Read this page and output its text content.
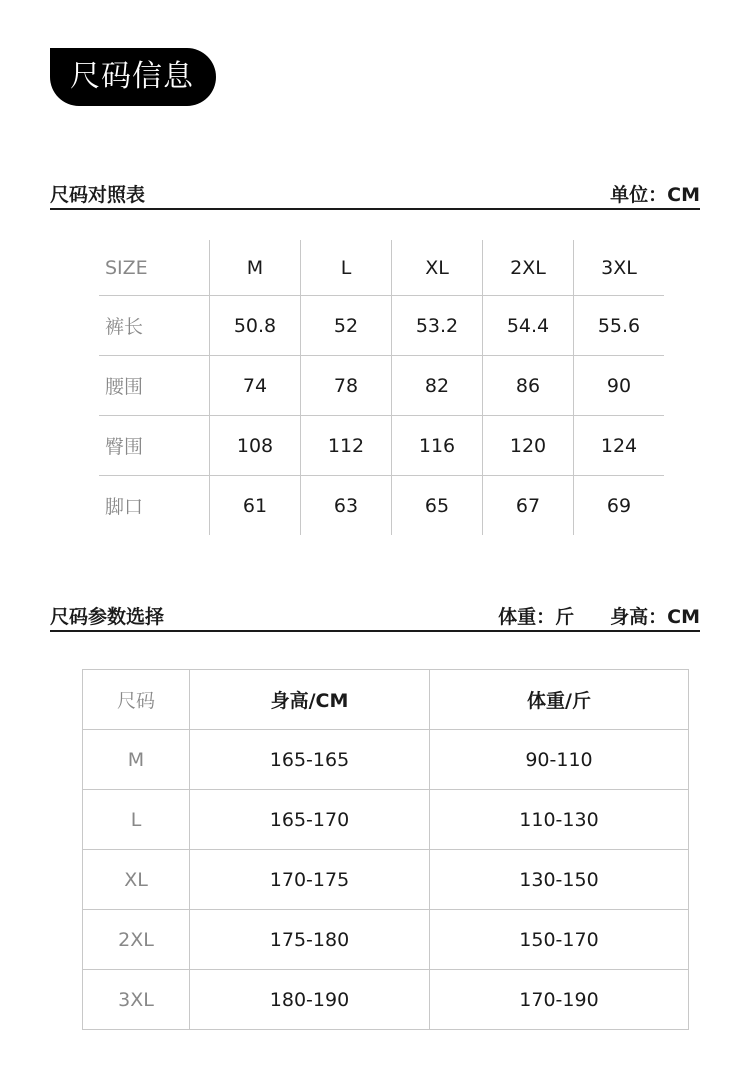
尺码信息
尺码对照表	单位：CM
SIZE	M	L	XL	2XL	3XL
裤长	50.8	52	53.2	54.4	55.6
腰围	74	78	82	86	90
臀围	108	112	116	120	124
脚口	61	63	65	67	69
尺码参数选择	体重：斤 身高：CM
尺码	身高/CM	体重/斤
M	165-165	90-110
L	165-170	110-130
XL	170-175	130-150
2XL	175-180	150-170
3XL	180-190	170-190
